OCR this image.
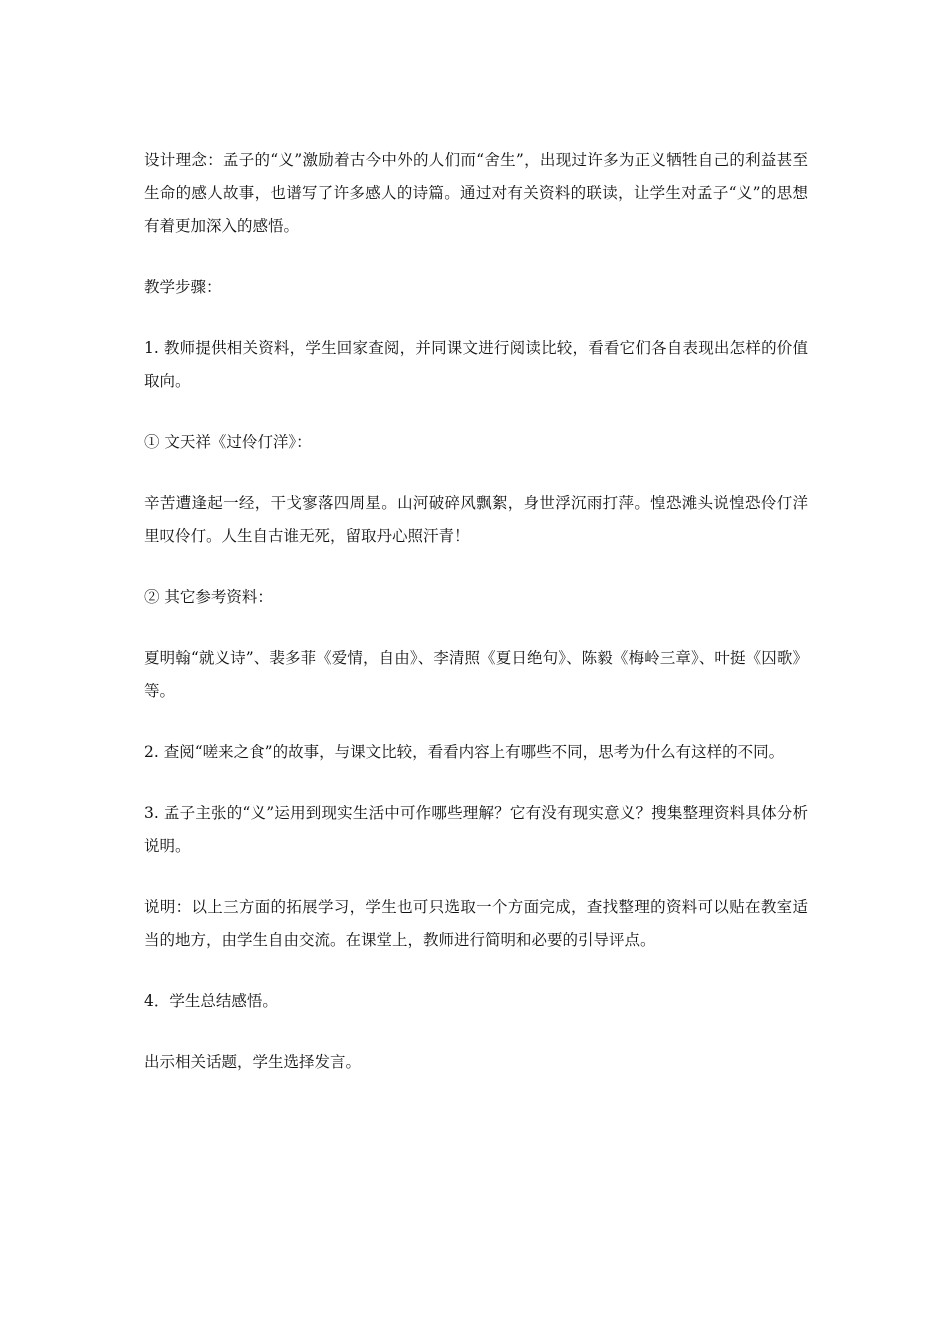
设计理念：孟子的“义”激励着古今中外的人们而“舍生”，出现过许多为正义牺牲自己的利益甚至生命的感人故事，也谱写了许多感人的诗篇。通过对有关资料的联读，让学生对孟子“义”的思想有着更加深入的感悟。

教学步骤：

1. 教师提供相关资料，学生回家查阅，并同课文进行阅读比较，看看它们各自表现出怎样的价值取向。

① 文天祥《过伶仃洋》：

辛苦遭逢起一经，干戈寥落四周星。山河破碎风飘絮，身世浮沉雨打萍。惶恐滩头说惶恐伶仃洋里叹伶仃。人生自古谁无死，留取丹心照汗青！

② 其它参考资料：

夏明翰“就义诗”、裴多菲《爱情，自由》、李清照《夏日绝句》、陈毅《梅岭三章》、叶挺《囚歌》等。

2. 查阅“嗟来之食”的故事，与课文比较，看看内容上有哪些不同，思考为什么有这样的不同。

3. 孟子主张的“义”运用到现实生活中可作哪些理解？它有没有现实意义？搜集整理资料具体分析说明。

说明：以上三方面的拓展学习，学生也可只选取一个方面完成，查找整理的资料可以贴在教室适当的地方，由学生自由交流。在课堂上，教师进行简明和必要的引导评点。

4．学生总结感悟。

出示相关话题，学生选择发言。
